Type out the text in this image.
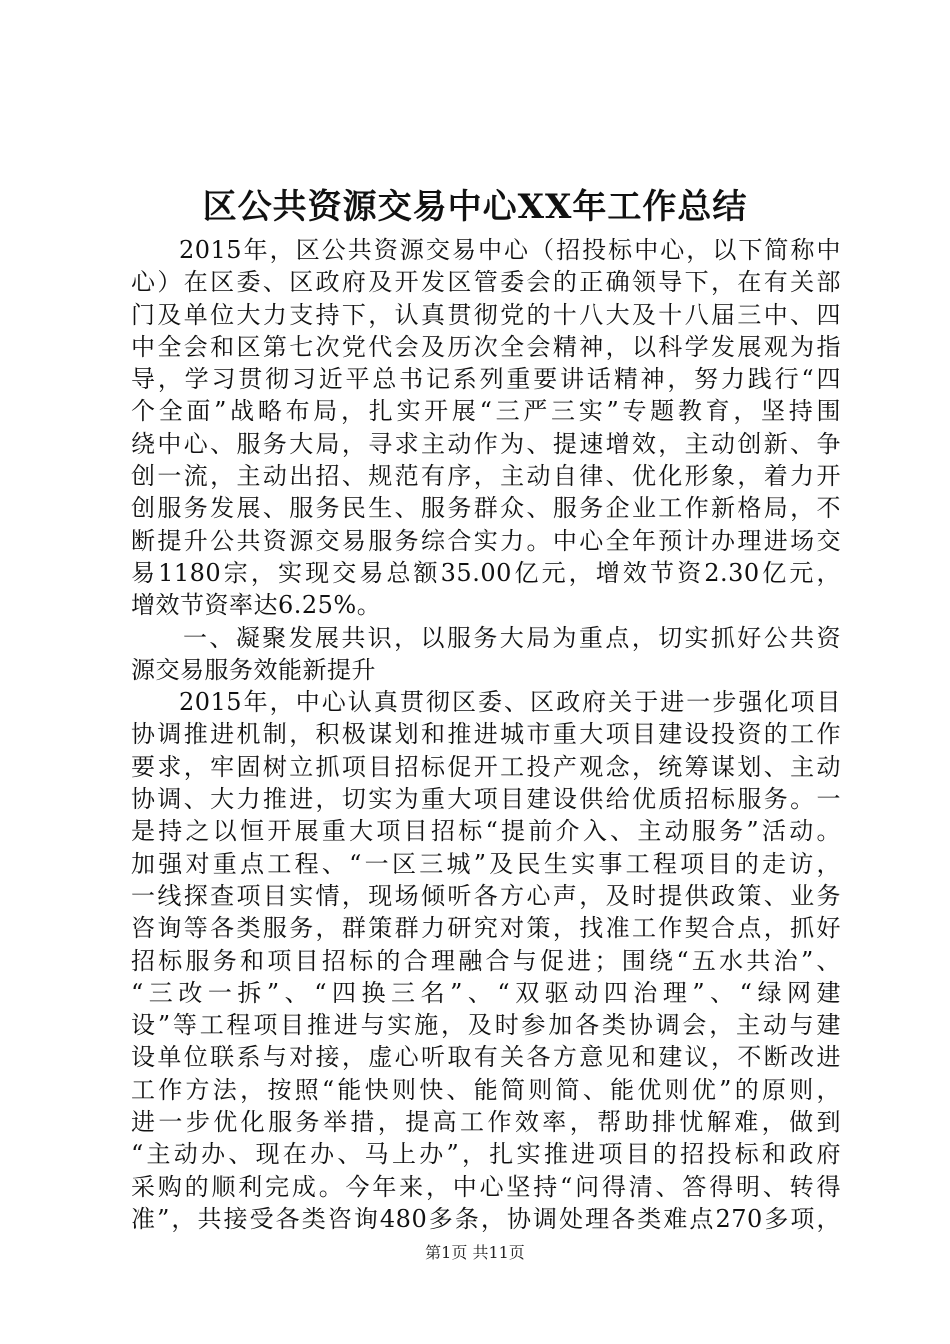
区公共资源交易中心XX年工作总结
2015年，区公共资源交易中心（招投标中心，以下简称中
心）在区委、区政府及开发区管委会的正确领导下，在有关部
门及单位大力支持下，认真贯彻党的十八大及十八届三中、四
中全会和区第七次党代会及历次全会精神，以科学发展观为指
导，学习贯彻习近平总书记系列重要讲话精神，努力践行“四
个全面”战略布局，扎实开展“三严三实”专题教育，坚持围
绕中心、服务大局，寻求主动作为、提速增效，主动创新、争
创一流，主动出招、规范有序，主动自律、优化形象，着力开
创服务发展、服务民生、服务群众、服务企业工作新格局，不
断提升公共资源交易服务综合实力。中心全年预计办理进场交
易1180宗，实现交易总额35.00亿元，增效节资2.30亿元，
增效节资率达6.25%。
一、凝聚发展共识，以服务大局为重点，切实抓好公共资
源交易服务效能新提升
2015年，中心认真贯彻区委、区政府关于进一步强化项目
协调推进机制，积极谋划和推进城市重大项目建设投资的工作
要求，牢固树立抓项目招标促开工投产观念，统筹谋划、主动
协调、大力推进，切实为重大项目建设供给优质招标服务。一
是持之以恒开展重大项目招标“提前介入、主动服务”活动。
加强对重点工程、“一区三城”及民生实事工程项目的走访，
一线探查项目实情，现场倾听各方心声，及时提供政策、业务
咨询等各类服务，群策群力研究对策，找准工作契合点，抓好
招标服务和项目招标的合理融合与促进；围绕“五水共治”、
“三改一拆”、“四换三名”、“双驱动四治理”、“绿网建
设”等工程项目推进与实施，及时参加各类协调会，主动与建
设单位联系与对接，虚心听取有关各方意见和建议，不断改进
工作方法，按照“能快则快、能简则简、能优则优”的原则，
进一步优化服务举措，提高工作效率，帮助排忧解难，做到
“主动办、现在办、马上办”，扎实推进项目的招投标和政府
采购的顺利完成。今年来，中心坚持“问得清、答得明、转得
准”，共接受各类咨询480多条，协调处理各类难点270多项，
第1页 共11页
